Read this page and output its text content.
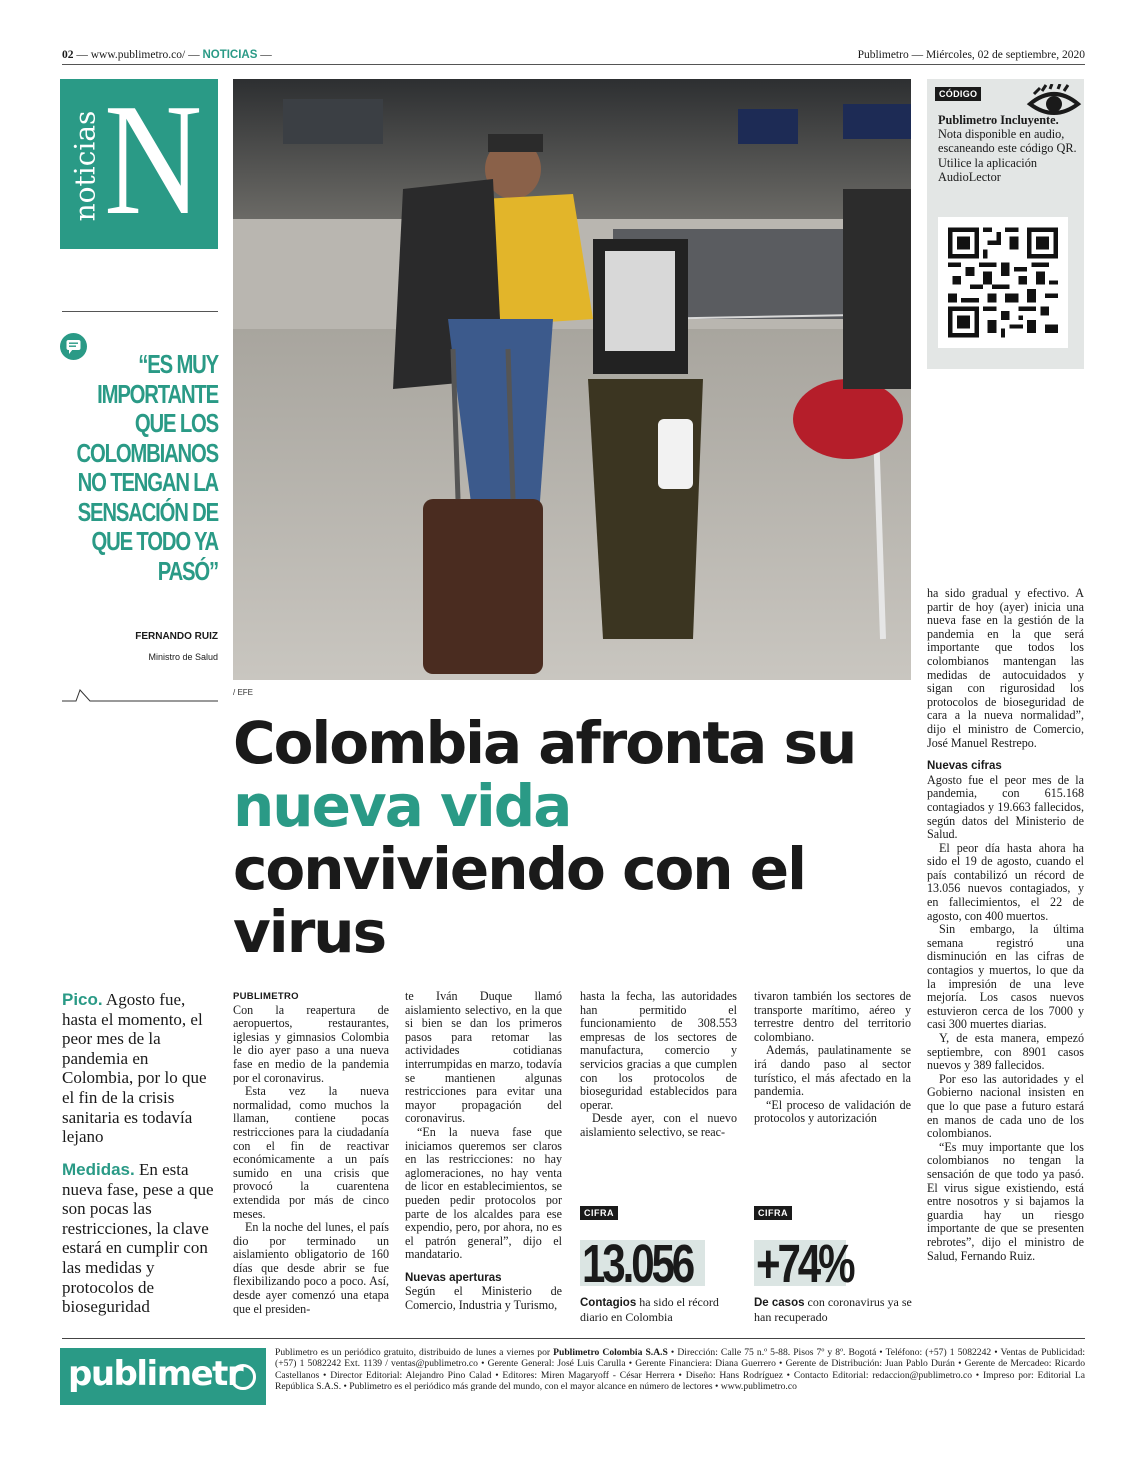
02 — www.publimetro.co/ — NOTICIAS —	Publimetro — Miércoles, 02 de septiembre, 2020
noticias N
“ES MUY IMPORTANTE QUE LOS COLOMBIANOS NO TENGAN LA SENSACIÓN DE QUE TODO YA PASÓ”
FERNANDO RUIZ
Ministro de Salud
/ EFE
CÓDIGO
Publimetro Incluyente. Nota disponible en audio, escaneando este código QR. Utilice la aplicación AudioLector
Colombia afronta su nueva vida conviviendo con el virus
Pico. Agosto fue, hasta el momento, el peor mes de la pandemia en Colombia, por lo que el fin de la crisis sanitaria es todavía lejano
Medidas. En esta nueva fase, pese a que son pocas las restricciones, la clave estará en cumplir con las medidas y protocolos de bioseguridad

PUBLIMETRO

Con la reapertura de aeropuertos, restaurantes, iglesias y gimnasios Colombia le dio ayer paso a una nueva fase en medio de la pandemia por el coronavirus.

Esta vez la nueva normalidad, como muchos la llaman, contiene pocas restricciones para la ciudadanía con el fin de reactivar económicamente a un país sumido en una crisis que provocó la cuarentena extendida por más de cinco meses.

En la noche del lunes, el país dio por terminado un aislamiento obligatorio de 160 días que desde abrir se fue flexibilizando poco a poco. Así, desde ayer comenzó una etapa que el presiden-

te Iván Duque llamó aislamiento selectivo, en la que si bien se dan los primeros pasos para retomar las actividades cotidianas interrumpidas en marzo, todavía se mantienen algunas restricciones para evitar una mayor propagación del coronavirus.

“En la nueva fase que iniciamos queremos ser claros en las restricciones: no hay aglomeraciones, no hay venta de licor en establecimientos, se pueden pedir protocolos por parte de los alcaldes para ese expendio, pero, por ahora, no es el patrón general”, dijo el mandatario.

Nuevas aperturas

Según el Ministerio de Comercio, Industria y Turismo,

hasta la fecha, las autoridades han permitido el funcionamiento de 308.553 empresas de los sectores de manufactura, comercio y servicios gracias a que cumplen con los protocolos de bioseguridad establecidos para operar.

Desde ayer, con el nuevo aislamiento selectivo, se reac-

tivaron también los sectores de transporte marítimo, aéreo y terrestre dentro del territorio colombiano.

Además, paulatinamente se irá dando paso al sector turístico, el más afectado en la pandemia.

“El proceso de validación de protocolos y autorización

ha sido gradual y efectivo. A partir de hoy (ayer) inicia una nueva fase en la gestión de la pandemia en la que será importante que todos los colombianos mantengan las medidas de autocuidados y sigan con rigurosidad los protocolos de bioseguridad de cara a la nueva normalidad”, dijo el ministro de Comercio, José Manuel Restrepo.

Nuevas cifras

Agosto fue el peor mes de la pandemia, con 615.168 contagiados y 19.663 fallecidos, según datos del Ministerio de Salud.

El peor día hasta ahora ha sido el 19 de agosto, cuando el país contabilizó un récord de 13.056 nuevos contagiados, y en fallecimientos, el 22 de agosto, con 400 muertos.

Sin embargo, la última semana registró una disminución en las cifras de contagios y muertos, lo que da la impresión de una leve mejoría. Los casos nuevos estuvieron cerca de los 7000 y casi 300 muertes diarias.

Y, de esta manera, empezó septiembre, con 8901 casos nuevos y 389 fallecidos.

Por eso las autoridades y el Gobierno nacional insisten en que lo que pase a futuro estará en manos de cada uno de los colombianos.

“Es muy importante que los colombianos no tengan la sensación de que todo ya pasó. El virus sigue existiendo, está entre nosotros y si bajamos la guardia hay un riesgo importante de que se presenten rebrotes”, dijo el ministro de Salud, Fernando Ruiz.

CIFRA
13.056
Contagios ha sido el récord diario en Colombia
CIFRA
+74%
De casos con coronavirus ya se han recuperado
publimetr
Publimetro es un periódico gratuito, distribuido de lunes a viernes por Publimetro Colombia S.A.S • Dirección: Calle 75 n.º 5-88. Pisos 7º y 8º. Bogotá • Teléfono: (+57) 1 5082242 • Ventas de Publicidad: (+57) 1 5082242 Ext. 1139 / ventas@publimetro.co • Gerente General: José Luis Carulla • Gerente Financiera: Diana Guerrero • Gerente de Distribución: Juan Pablo Durán • Gerente de Mercadeo: Ricardo Castellanos • Director Editorial: Alejandro Pino Calad • Editores: Miren Magaryoff - César Herrera • Diseño: Hans Rodríguez • Contacto Editorial: redaccion@publimetro.co • Impreso por: Editorial La República S.A.S. • Publimetro es el periódico más grande del mundo, con el mayor alcance en número de lectores • www.publimetro.co
